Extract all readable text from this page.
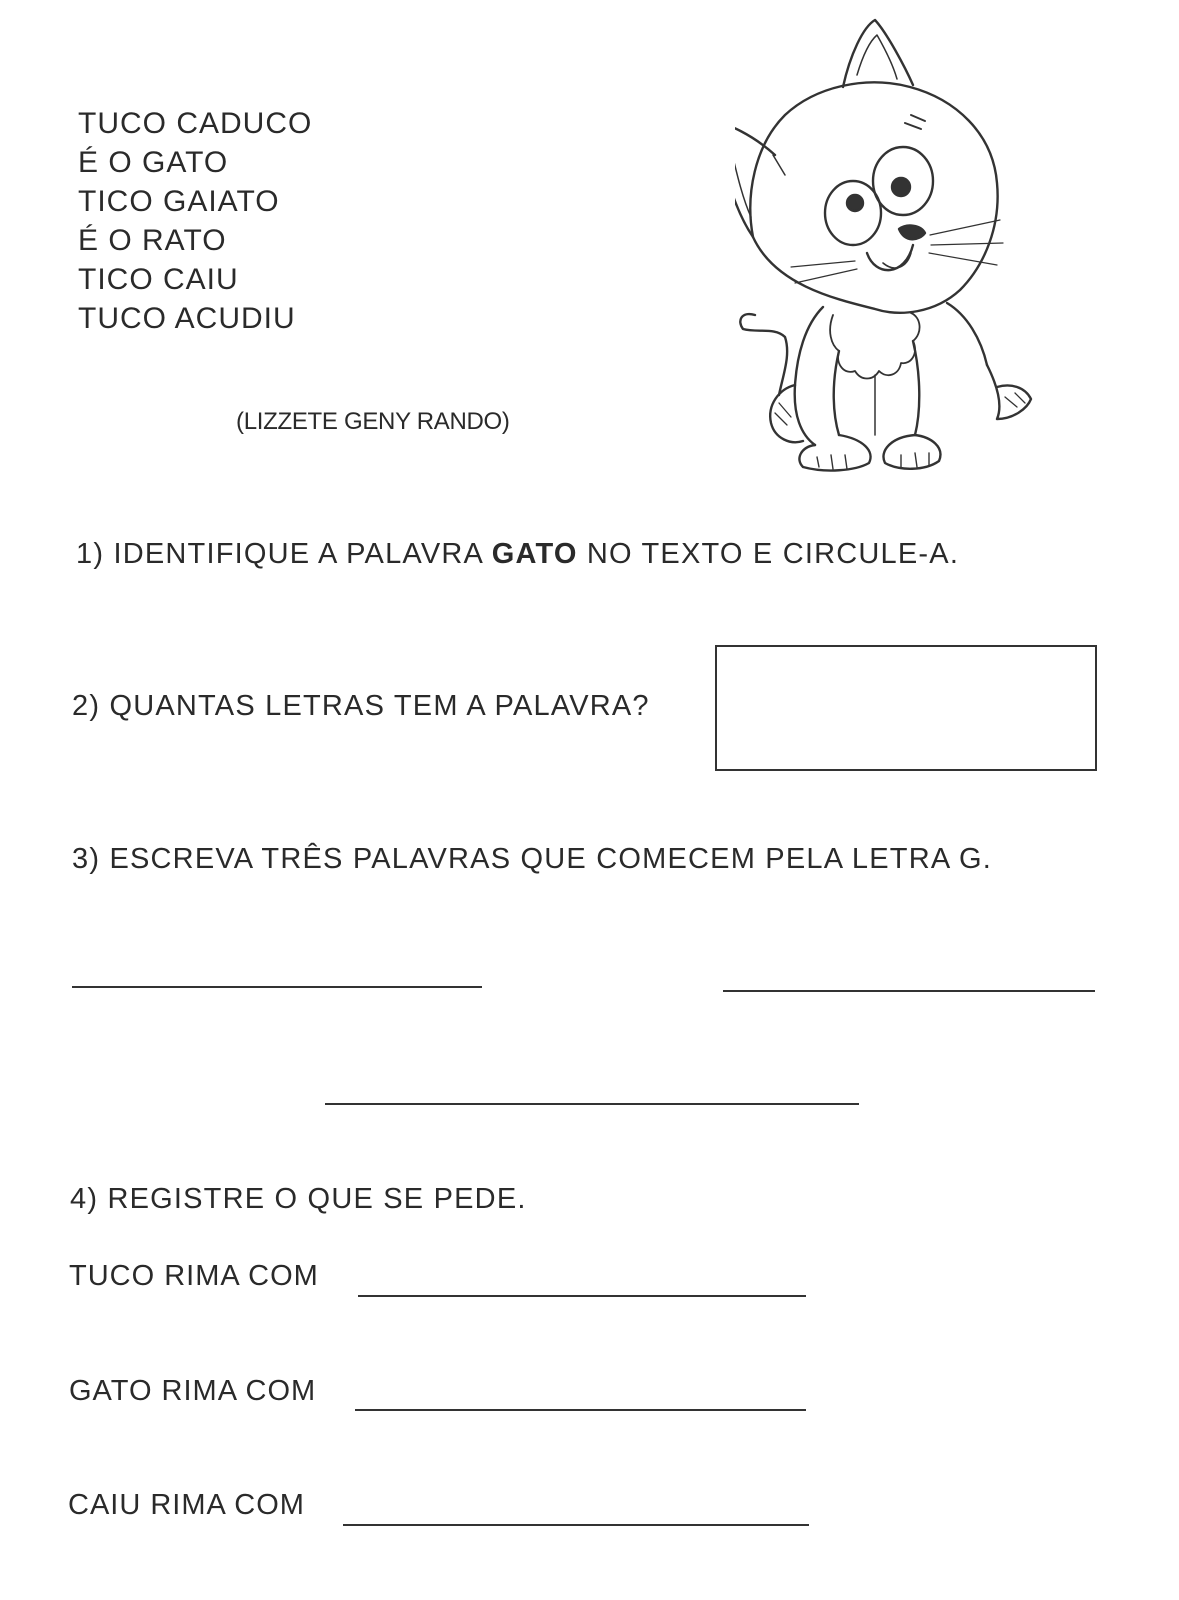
TUCO CADUCO
É O GATO
TICO GAIATO
É O RATO
TICO CAIU
TUCO ACUDIU
(LIZZETE GENY RANDO)
1) IDENTIFIQUE A PALAVRA GATO NO TEXTO E CIRCULE-A.
2) QUANTAS LETRAS TEM A PALAVRA?
3) ESCREVA TRÊS PALAVRAS QUE COMECEM PELA LETRA G.
4) REGISTRE O QUE SE PEDE.
TUCO RIMA COM
GATO RIMA COM
CAIU RIMA COM
